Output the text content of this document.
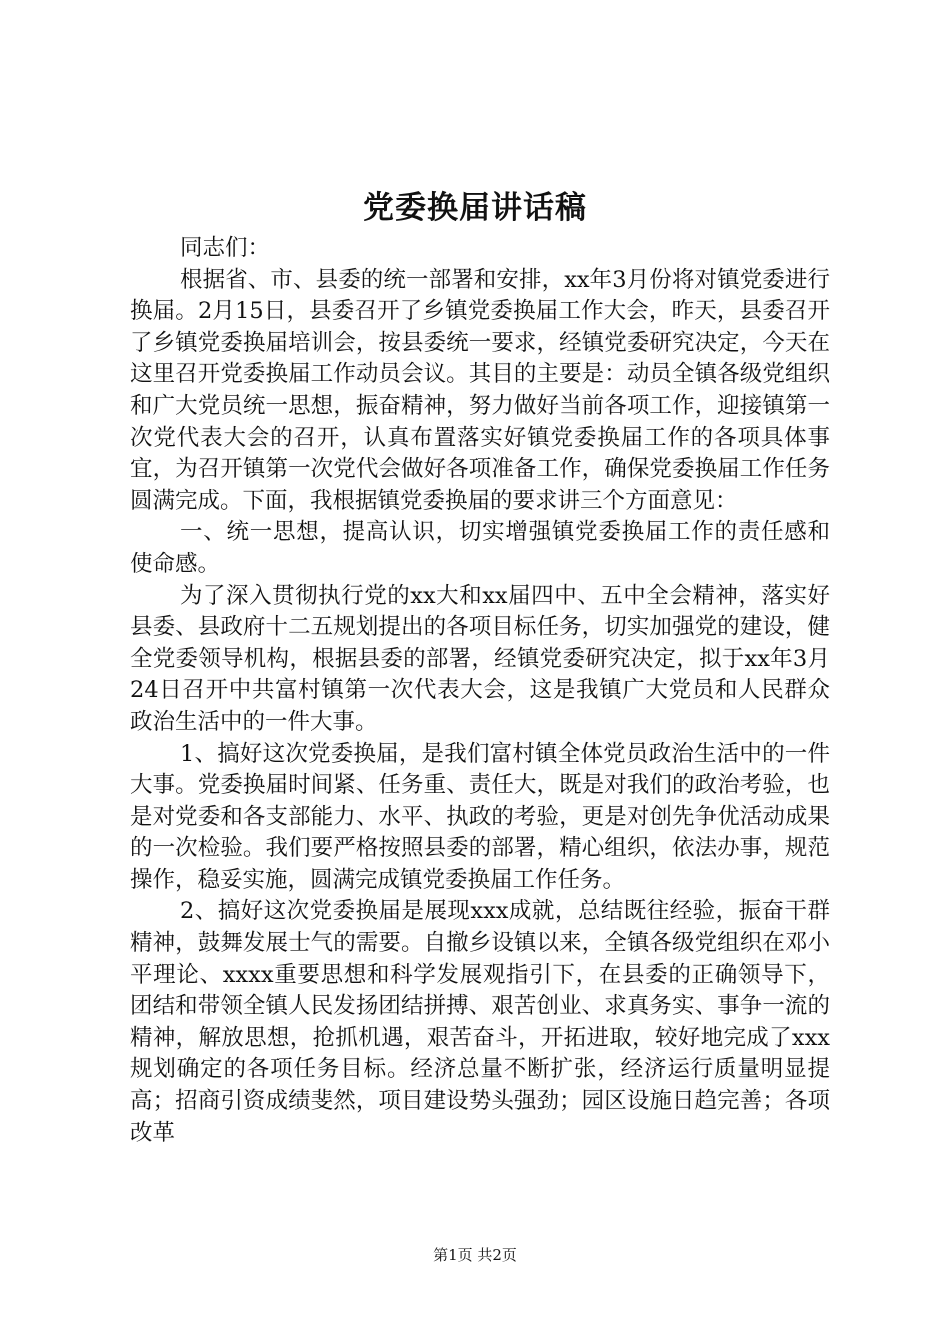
党委换届讲话稿

同志们：

根据省、市、县委的统一部署和安排，xx年3月份将对镇党委进行换届。2月15日，县委召开了乡镇党委换届工作大会，昨天，县委召开了乡镇党委换届培训会，按县委统一要求，经镇党委研究决定，今天在这里召开党委换届工作动员会议。其目的主要是：动员全镇各级党组织和广大党员统一思想，振奋精神，努力做好当前各项工作，迎接镇第一次党代表大会的召开，认真布置落实好镇党委换届工作的各项具体事宜，为召开镇第一次党代会做好各项准备工作，确保党委换届工作任务圆满完成。下面，我根据镇党委换届的要求讲三个方面意见：

一、统一思想，提高认识，切实增强镇党委换届工作的责任感和使命感。

为了深入贯彻执行党的xx大和xx届四中、五中全会精神，落实好县委、县政府十二五规划提出的各项目标任务，切实加强党的建设，健全党委领导机构，根据县委的部署，经镇党委研究决定，拟于xx年3月24日召开中共富村镇第一次代表大会，这是我镇广大党员和人民群众政治生活中的一件大事。

1、搞好这次党委换届，是我们富村镇全体党员政治生活中的一件大事。党委换届时间紧、任务重、责任大，既是对我们的政治考验，也是对党委和各支部能力、水平、执政的考验，更是对创先争优活动成果的一次检验。我们要严格按照县委的部署，精心组织，依法办事，规范操作，稳妥实施，圆满完成镇党委换届工作任务。

2、搞好这次党委换届是展现xxx成就，总结既往经验，振奋干群精神，鼓舞发展士气的需要。自撤乡设镇以来，全镇各级党组织在邓小平理论、xxxx重要思想和科学发展观指引下，在县委的正确领导下，团结和带领全镇人民发扬团结拼搏、艰苦创业、求真务实、事争一流的精神，解放思想，抢抓机遇，艰苦奋斗，开拓进取，较好地完成了xxx规划确定的各项任务目标。经济总量不断扩张，经济运行质量明显提高；招商引资成绩斐然，项目建设势头强劲；园区设施日趋完善；各项改革

第1页 共2页
